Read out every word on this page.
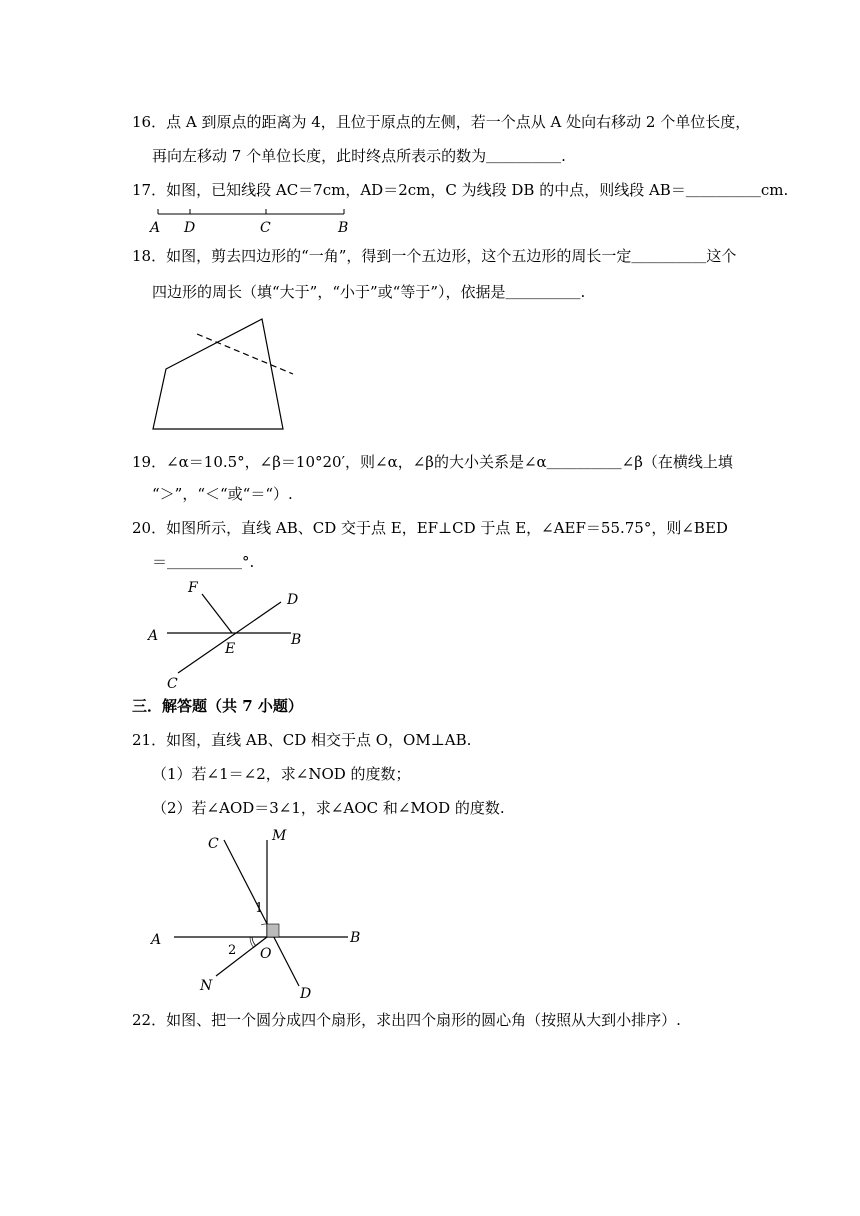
16．点 A 到原点的距离为 4，且位于原点的左侧，若一个点从 A 处向右移动 2 个单位长度，
再向左移动 7 个单位长度，此时终点所表示的数为＿＿＿＿＿.
17．如图，已知线段 AC＝7cm，AD＝2cm，C 为线段 DB 的中点，则线段 AB＝＿＿＿＿＿cm.
A D	C	B
18．如图，剪去四边形的“一角”，得到一个五边形，这个五边形的周长一定＿＿＿＿＿这个
四边形的周长（填“大于”，“小于”或“等于”），依据是＿＿＿＿＿.
19．∠α＝10.5°，∠β＝10°20′，则∠α，∠β的大小关系是∠α＿＿＿＿＿∠β（在横线上填
“＞”，“＜“或“＝“）.
20．如图所示，直线 AB、CD 交于点 E，EF⊥CD 于点 E，∠AEF＝55.75°，则∠BED
＝＿＿＿＿＿°.
F
D
A
E
B
C
三．解答题（共 7 小题）
21．如图，直线 AB、CD 相交于点 O，OM⊥AB.
（1）若∠1＝∠2，求∠NOD 的度数；
（2）若∠AOD＝3∠1，求∠AOC 和∠MOD 的度数.
C	M
1
A
2 O
B
N	D
22．如图、把一个圆分成四个扇形，求出四个扇形的圆心角（按照从大到小排序）.
